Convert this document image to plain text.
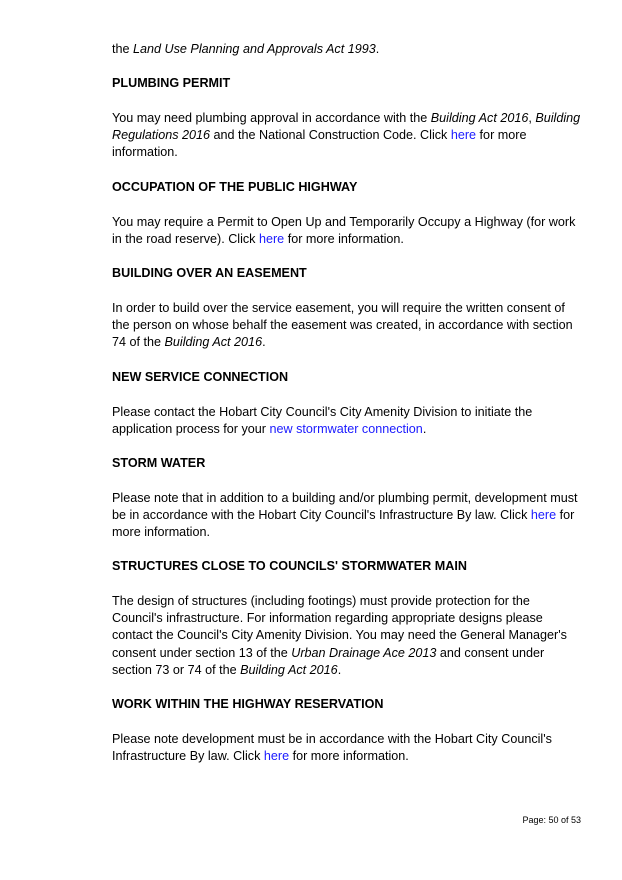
the Land Use Planning and Approvals Act 1993.

PLUMBING PERMIT

You may need plumbing approval in accordance with the Building Act 2016, Building Regulations 2016 and the National Construction Code. Click here for more information.

OCCUPATION OF THE PUBLIC HIGHWAY

You may require a Permit to Open Up and Temporarily Occupy a Highway (for work in the road reserve). Click here for more information.

BUILDING OVER AN EASEMENT

In order to build over the service easement, you will require the written consent of the person on whose behalf the easement was created, in accordance with section 74 of the Building Act 2016.

NEW SERVICE CONNECTION

Please contact the Hobart City Council's City Amenity Division to initiate the application process for your new stormwater connection.

STORM WATER

Please note that in addition to a building and/or plumbing permit, development must be in accordance with the Hobart City Council's Infrastructure By law. Click here for more information.

STRUCTURES CLOSE TO COUNCILS' STORMWATER MAIN

The design of structures (including footings) must provide protection for the Council's infrastructure. For information regarding appropriate designs please contact the Council's City Amenity Division. You may need the General Manager's consent under section 13 of the Urban Drainage Ace 2013 and consent under section 73 or 74 of the Building Act 2016.

WORK WITHIN THE HIGHWAY RESERVATION

Please note development must be in accordance with the Hobart City Council's Infrastructure By law. Click here for more information.

Page: 50 of 53
